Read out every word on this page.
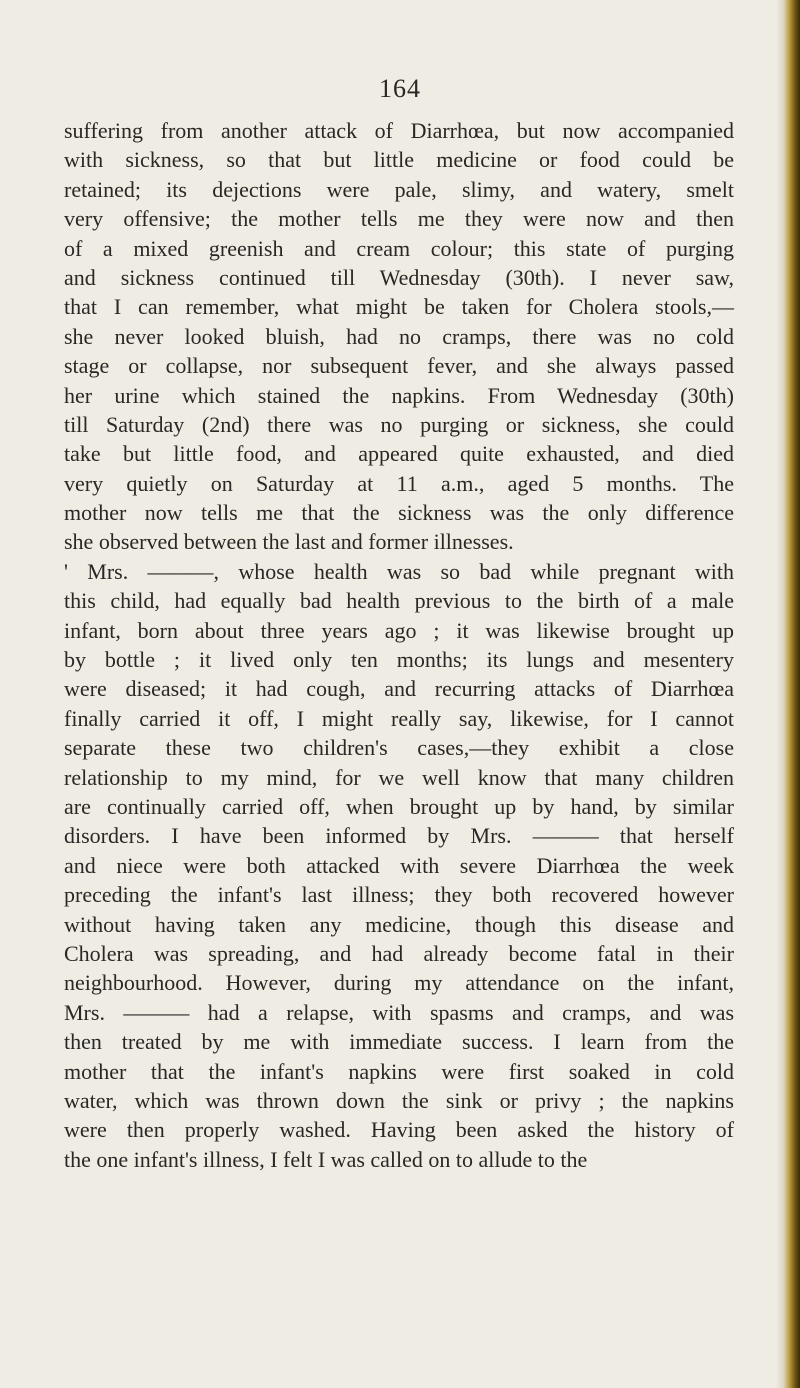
164
suffering from another attack of Diarrhœa, but now accompanied
with sickness, so that but little medicine or food could be
retained; its dejections were pale, slimy, and watery, smelt
very offensive; the mother tells me they were now and then
of a mixed greenish and cream colour; this state of purging
and sickness continued till Wednesday (30th). I never saw,
that I can remember, what might be taken for Cholera stools,—
she never looked bluish, had no cramps, there was no cold
stage or collapse, nor subsequent fever, and she always passed
her urine which stained the napkins. From Wednesday (30th)
till Saturday (2nd) there was no purging or sickness, she could
take but little food, and appeared quite exhausted, and died
very quietly on Saturday at 11 a.m., aged 5 months. The
mother now tells me that the sickness was the only difference
she observed between the last and former illnesses.
' Mrs. ———, whose health was so bad while pregnant with
this child, had equally bad health previous to the birth of a male
infant, born about three years ago ; it was likewise brought up
by bottle ; it lived only ten months; its lungs and mesentery
were diseased; it had cough, and recurring attacks of Diarrhœa
finally carried it off, I might really say, likewise, for I cannot
separate these two children's cases,—they exhibit a close
relationship to my mind, for we well know that many children
are continually carried off, when brought up by hand, by similar
disorders. I have been informed by Mrs. ——— that herself
and niece were both attacked with severe Diarrhœa the week
preceding the infant's last illness; they both recovered however
without having taken any medicine, though this disease and
Cholera was spreading, and had already become fatal in their
neighbourhood. However, during my attendance on the infant,
Mrs. ——— had a relapse, with spasms and cramps, and was
then treated by me with immediate success. I learn from the
mother that the infant's napkins were first soaked in cold
water, which was thrown down the sink or privy ; the napkins
were then properly washed. Having been asked the history of
the one infant's illness, I felt I was called on to allude to the
